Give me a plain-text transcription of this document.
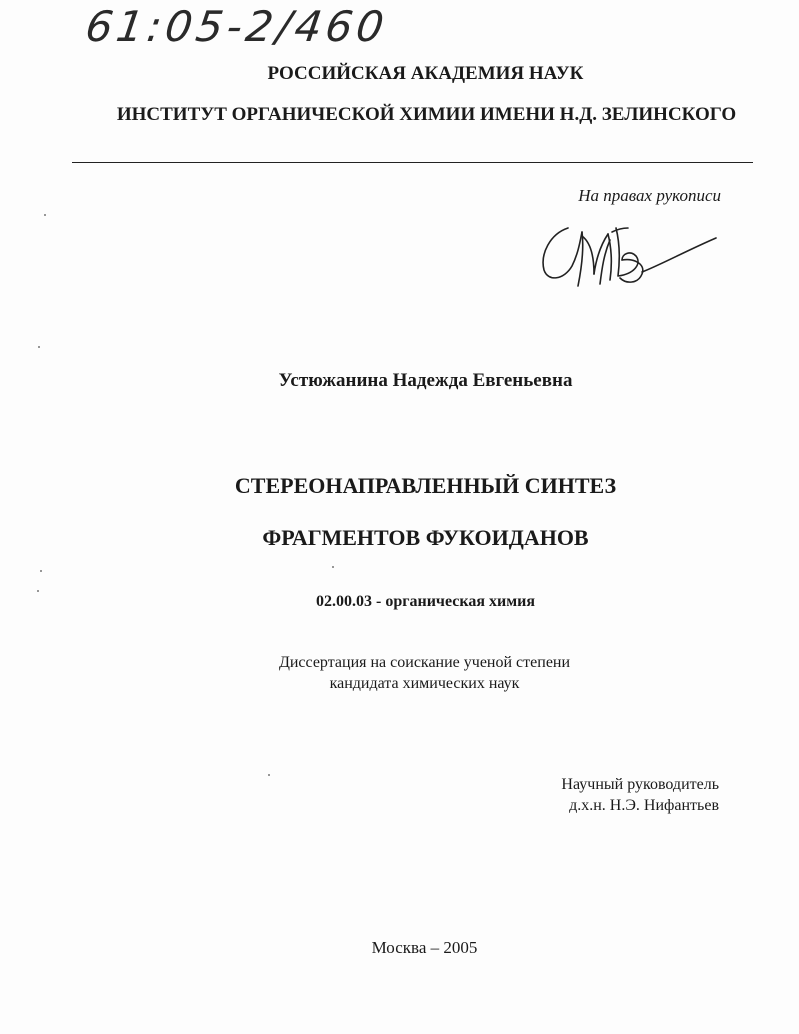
61:05-2/460
РОССИЙСКАЯ АКАДЕМИЯ НАУК
ИНСТИТУТ ОРГАНИЧЕСКОЙ ХИМИИ ИМЕНИ Н.Д. ЗЕЛИНСКОГО
На правах рукописи
Устюжанина Надежда Евгеньевна
СТЕРЕОНАПРАВЛЕННЫЙ СИНТЕЗ
ФРАГМЕНТОВ ФУКОИДАНОВ
02.00.03 - органическая химия
Диссертация на соискание ученой степени
кандидата химических наук
Научный руководитель
д.х.н. Н.Э. Нифантьев
Москва – 2005
